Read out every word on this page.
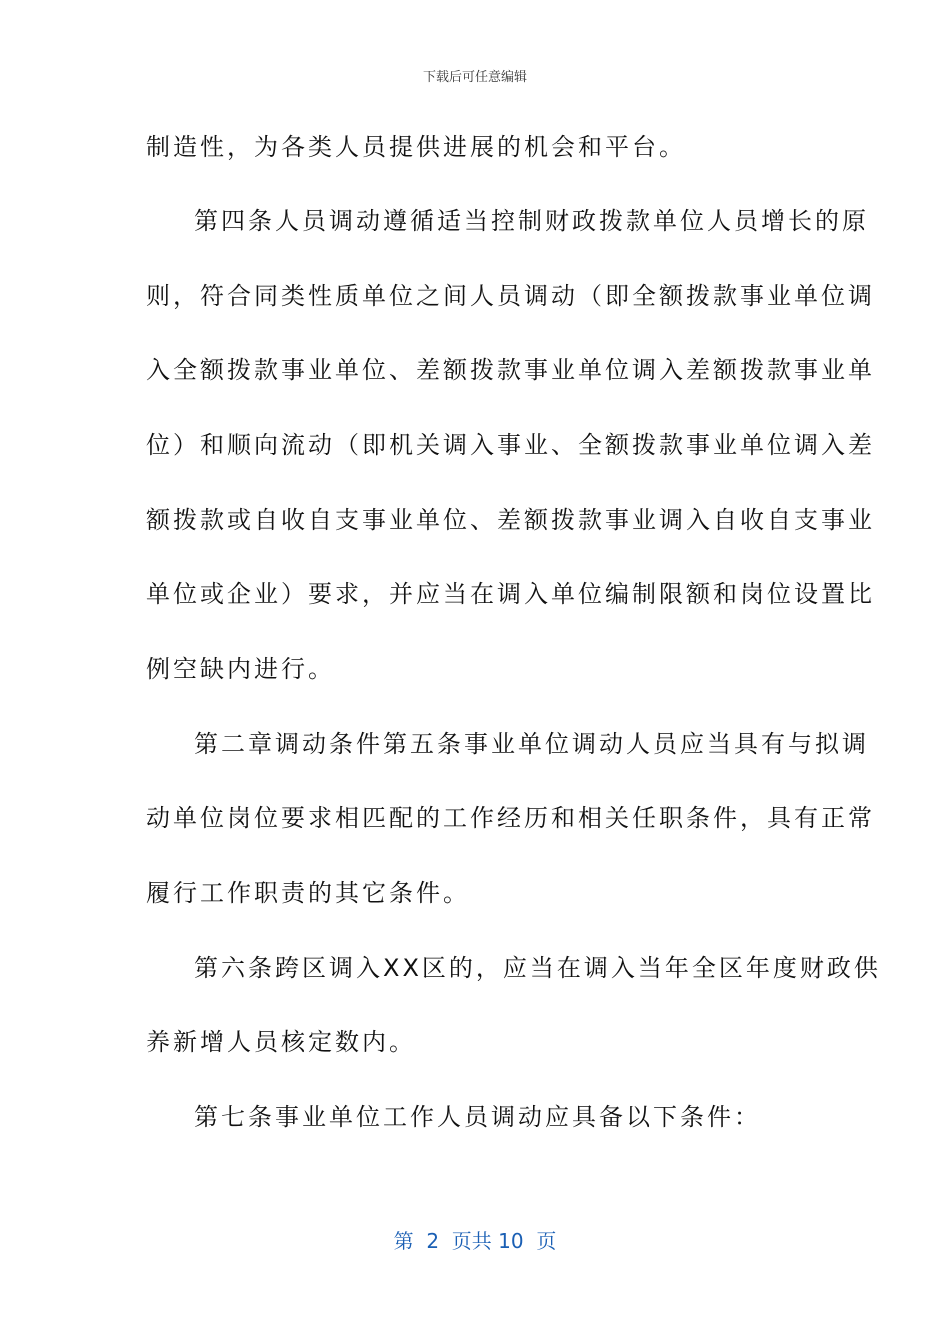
下载后可任意编辑
制造性，为各类人员提供进展的机会和平台。
第四条人员调动遵循适当控制财政拨款单位人员增长的原
则，符合同类性质单位之间人员调动（即全额拨款事业单位调
入全额拨款事业单位、差额拨款事业单位调入差额拨款事业单
位）和顺向流动（即机关调入事业、全额拨款事业单位调入差
额拨款或自收自支事业单位、差额拨款事业调入自收自支事业
单位或企业）要求，并应当在调入单位编制限额和岗位设置比
例空缺内进行。
第二章调动条件第五条事业单位调动人员应当具有与拟调
动单位岗位要求相匹配的工作经历和相关任职条件，具有正常
履行工作职责的其它条件。
第六条跨区调入XX区的，应当在调入当年全区年度财政供
养新增人员核定数内。
第七条事业单位工作人员调动应具备以下条件：
第  2  页共 10  页
